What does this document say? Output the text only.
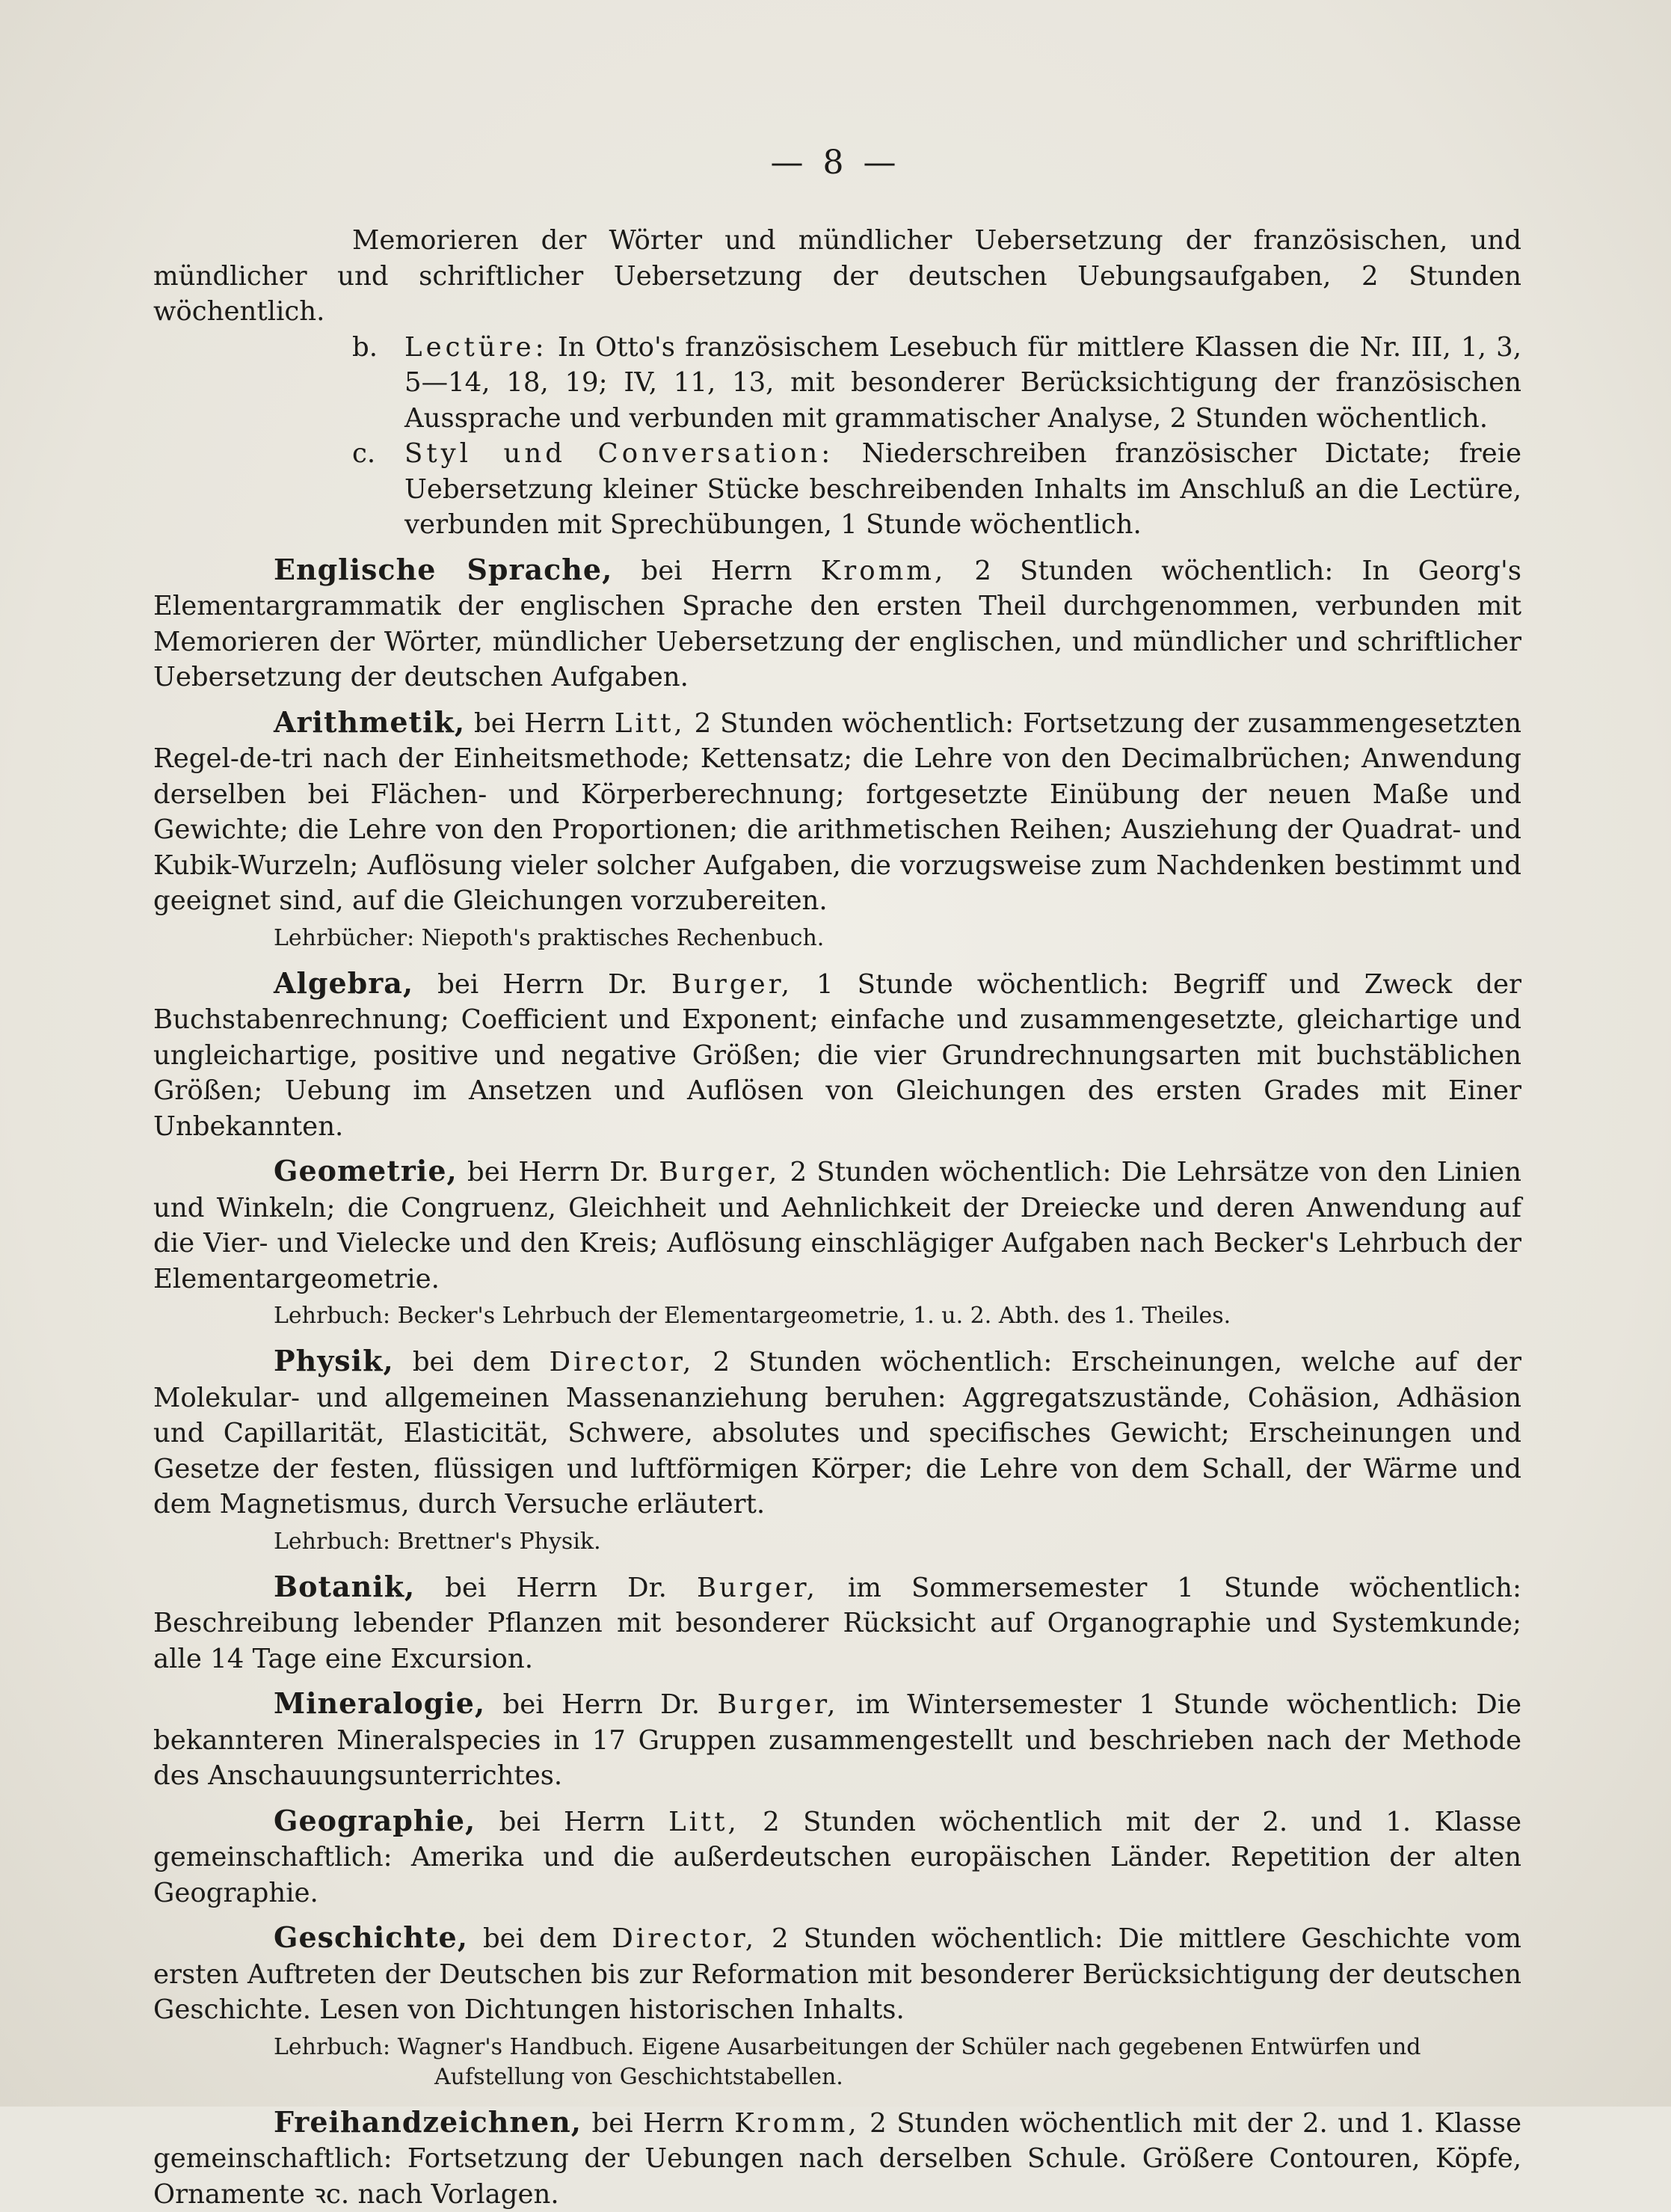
— 8 —

Memorieren der Wörter und mündlicher Uebersetzung der französischen, und mündlicher und schriftlicher Uebersetzung der deutschen Uebungsaufgaben, 2 Stunden wöchentlich.

b. Lectüre: In Otto's französischem Lesebuch für mittlere Klassen die Nr. III, 1, 3, 5—14, 18, 19; IV, 11, 13, mit besonderer Berücksichtigung der französischen Aussprache und verbunden mit grammatischer Analyse, 2 Stunden wöchentlich.

c. Styl und Conversation: Niederschreiben französischer Dictate; freie Uebersetzung kleiner Stücke beschreibenden Inhalts im Anschluß an die Lectüre, verbunden mit Sprechübungen, 1 Stunde wöchentlich.

Englische Sprache, bei Herrn Kromm, 2 Stunden wöchentlich: In Georg's Elementargrammatik der englischen Sprache den ersten Theil durchgenommen, verbunden mit Memorieren der Wörter, mündlicher Uebersetzung der englischen, und mündlicher und schriftlicher Uebersetzung der deutschen Aufgaben.

Arithmetik, bei Herrn Litt, 2 Stunden wöchentlich: Fortsetzung der zusammengesetzten Regel-de-tri nach der Einheitsmethode; Kettensatz; die Lehre von den Decimalbrüchen; Anwendung derselben bei Flächen- und Körperberechnung; fortgesetzte Einübung der neuen Maße und Gewichte; die Lehre von den Proportionen; die arithmetischen Reihen; Ausziehung der Quadrat- und Kubik-Wurzeln; Auflösung vieler solcher Aufgaben, die vorzugsweise zum Nachdenken bestimmt und geeignet sind, auf die Gleichungen vorzubereiten.

Lehrbücher: Niepoth's praktisches Rechenbuch.

Algebra, bei Herrn Dr. Burger, 1 Stunde wöchentlich: Begriff und Zweck der Buchstabenrechnung; Coefficient und Exponent; einfache und zusammengesetzte, gleichartige und ungleichartige, positive und negative Größen; die vier Grundrechnungsarten mit buchstäblichen Größen; Uebung im Ansetzen und Auflösen von Gleichungen des ersten Grades mit Einer Unbekannten.

Geometrie, bei Herrn Dr. Burger, 2 Stunden wöchentlich: Die Lehrsätze von den Linien und Winkeln; die Congruenz, Gleichheit und Aehnlichkeit der Dreiecke und deren Anwendung auf die Vier- und Vielecke und den Kreis; Auflösung einschlägiger Aufgaben nach Becker's Lehrbuch der Elementargeometrie.

Lehrbuch: Becker's Lehrbuch der Elementargeometrie, 1. u. 2. Abth. des 1. Theiles.

Physik, bei dem Director, 2 Stunden wöchentlich: Erscheinungen, welche auf der Molekular- und allgemeinen Massenanziehung beruhen: Aggregatszustände, Cohäsion, Adhäsion und Capillarität, Elasticität, Schwere, absolutes und specifisches Gewicht; Erscheinungen und Gesetze der festen, flüssigen und luftförmigen Körper; die Lehre von dem Schall, der Wärme und dem Magnetismus, durch Versuche erläutert.

Lehrbuch: Brettner's Physik.

Botanik, bei Herrn Dr. Burger, im Sommersemester 1 Stunde wöchentlich: Beschreibung lebender Pflanzen mit besonderer Rücksicht auf Organographie und Systemkunde; alle 14 Tage eine Excursion.

Mineralogie, bei Herrn Dr. Burger, im Wintersemester 1 Stunde wöchentlich: Die bekannteren Mineralspecies in 17 Gruppen zusammengestellt und beschrieben nach der Methode des Anschauungsunterrichtes.

Geographie, bei Herrn Litt, 2 Stunden wöchentlich mit der 2. und 1. Klasse gemeinschaftlich: Amerika und die außerdeutschen europäischen Länder. Repetition der alten Geographie.

Geschichte, bei dem Director, 2 Stunden wöchentlich: Die mittlere Geschichte vom ersten Auftreten der Deutschen bis zur Reformation mit besonderer Berücksichtigung der deutschen Geschichte. Lesen von Dichtungen historischen Inhalts.

Lehrbuch: Wagner's Handbuch. Eigene Ausarbeitungen der Schüler nach gegebenen Entwürfen und Aufstellung von Geschichtstabellen.

Freihandzeichnen, bei Herrn Kromm, 2 Stunden wöchentlich mit der 2. und 1. Klasse gemeinschaftlich: Fortsetzung der Uebungen nach derselben Schule. Größere Contouren, Köpfe, Ornamente ꝛc. nach Vorlagen.
